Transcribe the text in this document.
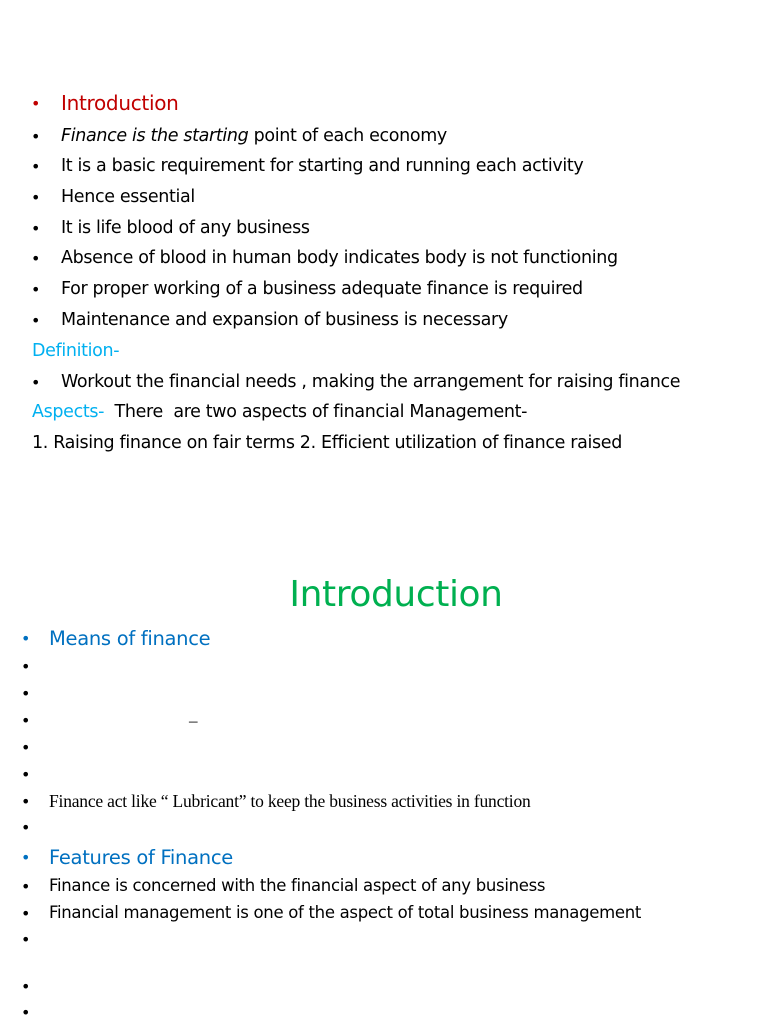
• Introduction
• Finance is the starting point of each economy
• It is a basic requirement for starting and running each activity
• Hence essential
• It is life blood of any business
• Absence of blood in human body indicates body is not functioning
• For proper working of a business adequate finance is required
• Maintenance and expansion of business is necessary
Definition-
• Workout the financial needs , making the arrangement for raising finance
Aspects-  There  are two aspects of financial Management-
1. Raising finance on fair terms 2. Efficient utilization of finance raised
Introduction
• Means of finance
•
•
•	–
•
•
• Finance act like “ Lubricant” to keep the business activities in function
•
• Features of Finance
• Finance is concerned with the financial aspect of any business
• Financial management is one of the aspect of total business management
•
•
•
